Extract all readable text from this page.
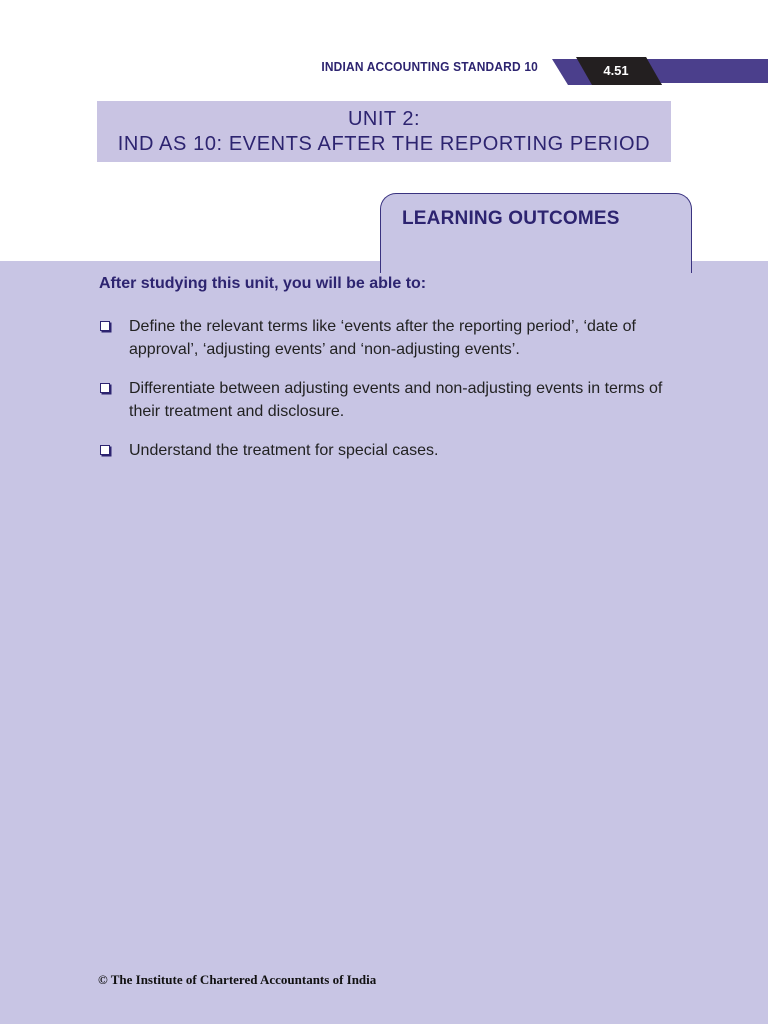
INDIAN ACCOUNTING STANDARD 10	4.51
UNIT 2:
IND AS 10: EVENTS AFTER THE REPORTING PERIOD
LEARNING OUTCOMES
After studying this unit, you will be able to:
Define the relevant terms like ‘events after the reporting period’, ‘date of approval’, ‘adjusting events’ and ‘non-adjusting events’.
Differentiate between adjusting events and non-adjusting events in terms of their treatment and disclosure.
Understand the treatment for special cases.
© The Institute of Chartered Accountants of India
